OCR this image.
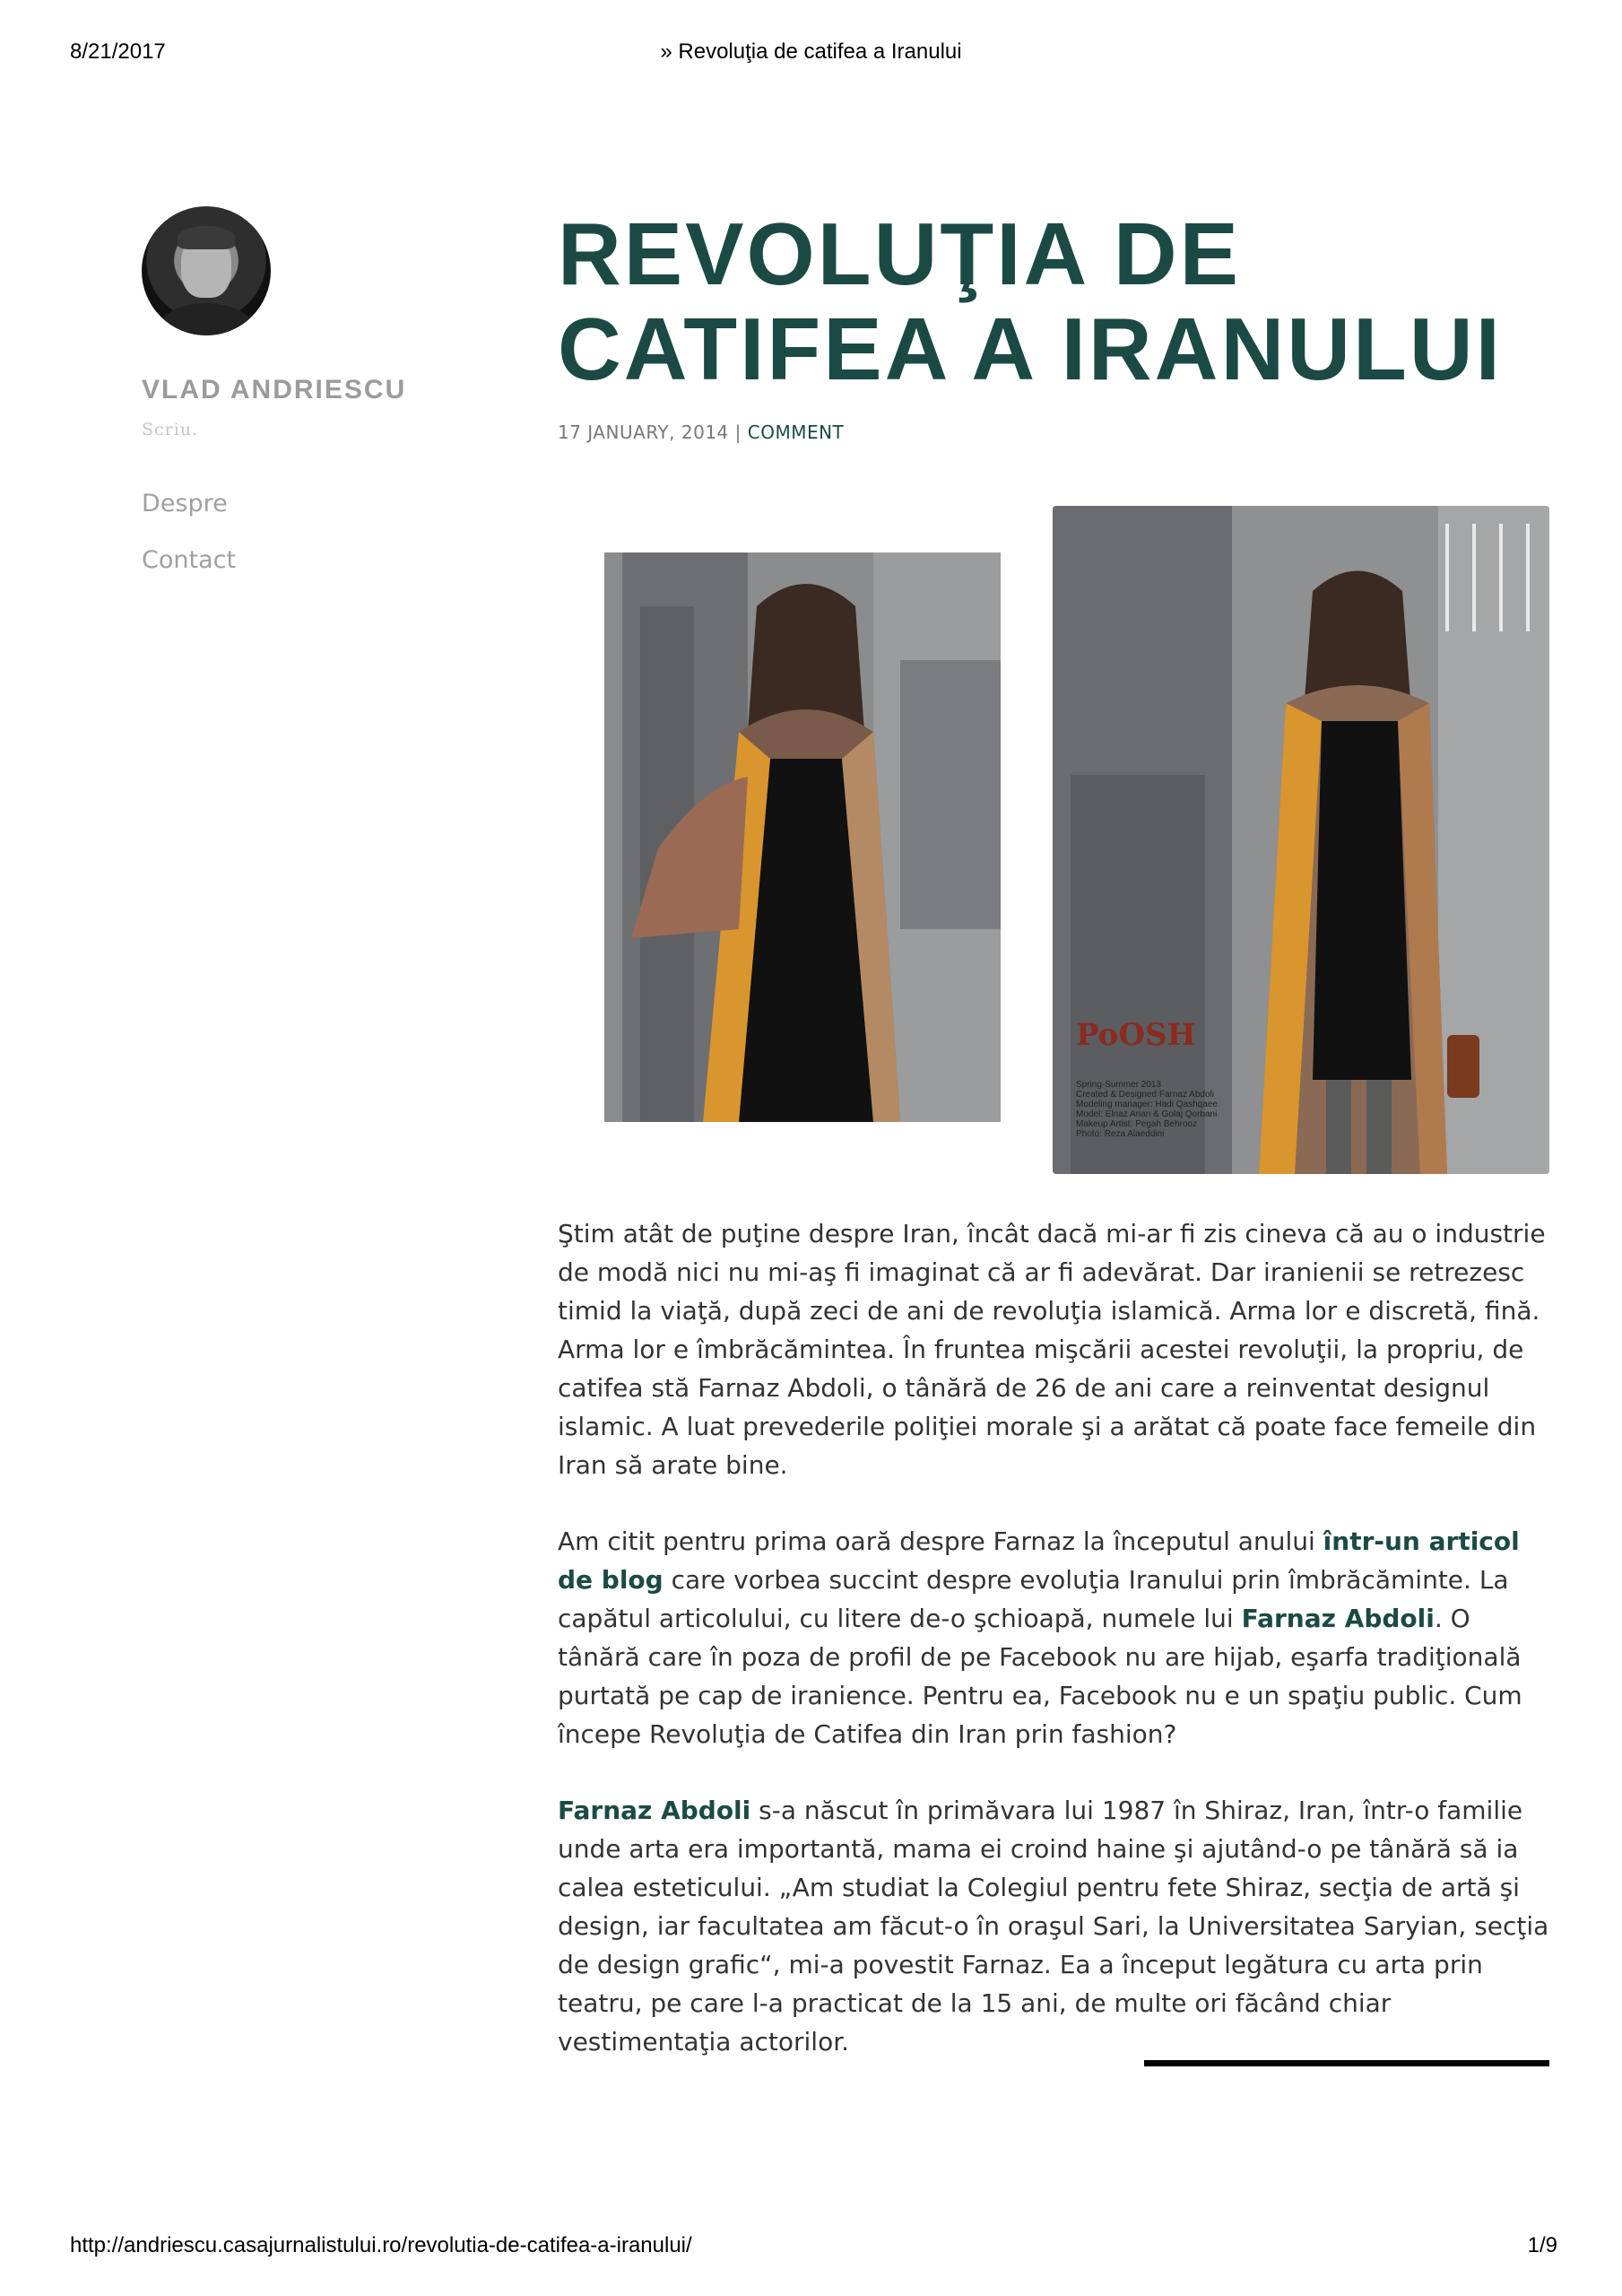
8/21/2017	» Revoluţia de catifea a Iranului
VLAD ANDRIESCU
Scriu.
Despre
Contact
REVOLUŢIA DE CATIFEA A IRANULUI
17 JANUARY, 2014 | COMMENT
PoOSH
Spring-Summer 2013
Created & Designed Farnaz Abdoli
Modeling manager: Hadi Qashqaee
Model: Elnaz Arian & Golaj Qorbani
Makeup Artist: Pegah Behrooz
Photo: Reza Alaeddini

Ştim atât de puţine despre Iran, încât dacă mi-ar fi zis cineva că au o industrie de modă nici nu mi-aş fi imaginat că ar fi adevărat. Dar iranienii se retrezesc timid la viaţă, după zeci de ani de revoluţia islamică. Arma lor e discretă, fină. Arma lor e îmbrăcămintea. În fruntea mişcării acestei revoluţii, la propriu, de catifea stă Farnaz Abdoli, o tânără de 26 de ani care a reinventat designul islamic. A luat prevederile poliţiei morale şi a arătat că poate face femeile din Iran să arate bine.

Am citit pentru prima oară despre Farnaz la începutul anului într-un articol de blog care vorbea succint despre evoluţia Iranului prin îmbrăcăminte. La capătul articolului, cu litere de-o şchioapă, numele lui Farnaz Abdoli. O tânără care în poza de profil de pe Facebook nu are hijab, eşarfa tradiţională purtată pe cap de iranience. Pentru ea, Facebook nu e un spaţiu public. Cum începe Revoluţia de Catifea din Iran prin fashion?

Farnaz Abdoli s-a născut în primăvara lui 1987 în Shiraz, Iran, într-o familie unde arta era importantă, mama ei croind haine şi ajutând-o pe tânără să ia calea esteticului. „Am studiat la Colegiul pentru fete Shiraz, secţia de artă şi design, iar facultatea am făcut-o în oraşul Sari, la Universitatea Saryian, secţia de design grafic“, mi-a povestit Farnaz. Ea a început legătura cu arta prin teatru, pe care l-a practicat de la 15 ani, de multe ori făcând chiar vestimentaţia actorilor.

http://andriescu.casajurnalistului.ro/revolutia-de-catifea-a-iranului/	1/9
